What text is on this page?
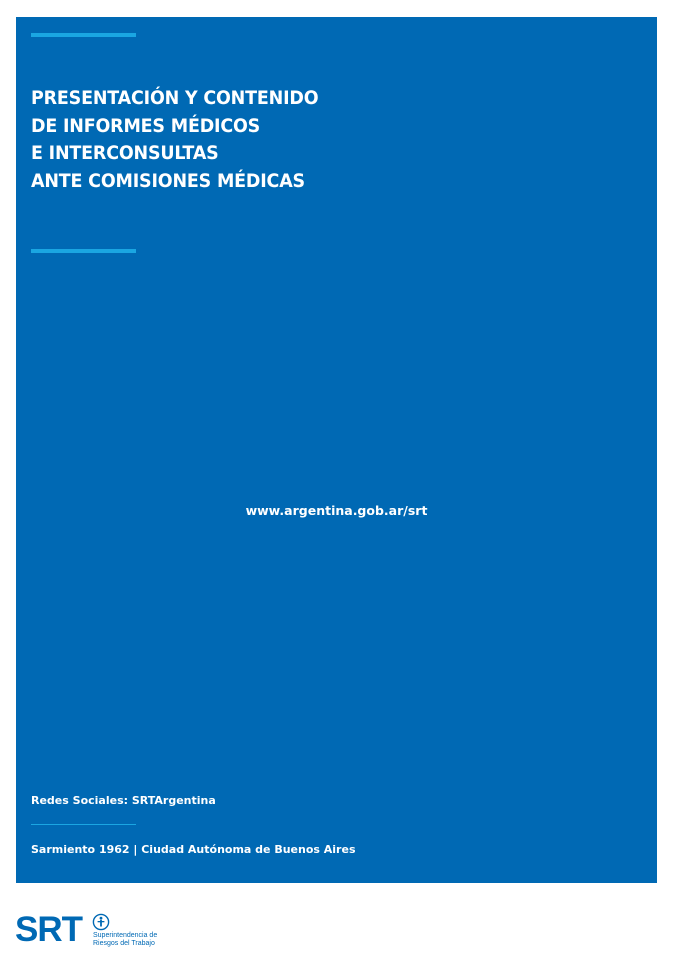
PRESENTACIÓN Y CONTENIDO
DE INFORMES MÉDICOS
E INTERCONSULTAS
ANTE COMISIONES MÉDICAS
www.argentina.gob.ar/srt
Redes Sociales: SRTArgentina
Sarmiento 1962 | Ciudad Autónoma de Buenos Aires
SRT Superintendencia de
Riesgos del Trabajo
